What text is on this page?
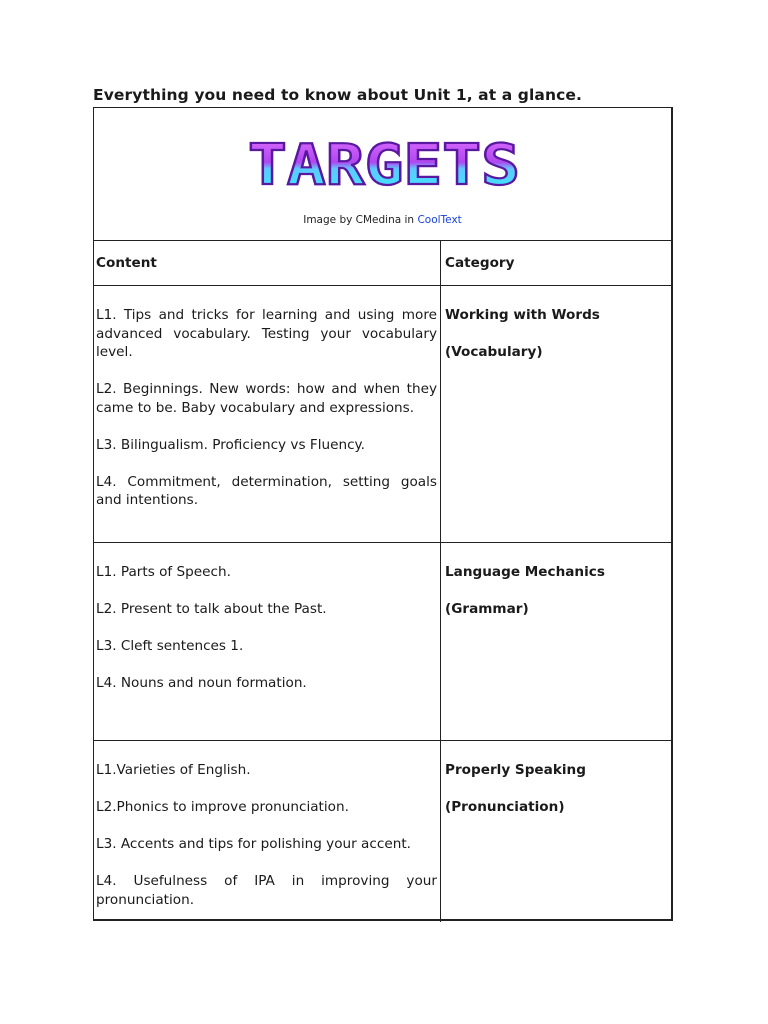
Everything you need to know about Unit 1, at a glance.
TARGETS
Image by CMedina in CoolText

Content	Category

L1. Tips and tricks for learning and using more advanced vocabulary. Testing your vocabulary level.

L2. Beginnings. New words: how and when they came to be. Baby vocabulary and expressions.

L3. Bilingualism. Proficiency vs Fluency.

L4. Commitment, determination, setting goals and intentions.

Working with Words

(Vocabulary)

L1. Parts of Speech.

L2. Present to talk about the Past.

L3. Cleft sentences 1.

L4. Nouns and noun formation.

Language Mechanics

(Grammar)

L1.Varieties of English.

L2.Phonics to improve pronunciation.

L3. Accents and tips for polishing your accent.

L4. Usefulness of IPA in improving your pronunciation.

Properly Speaking

(Pronunciation)
